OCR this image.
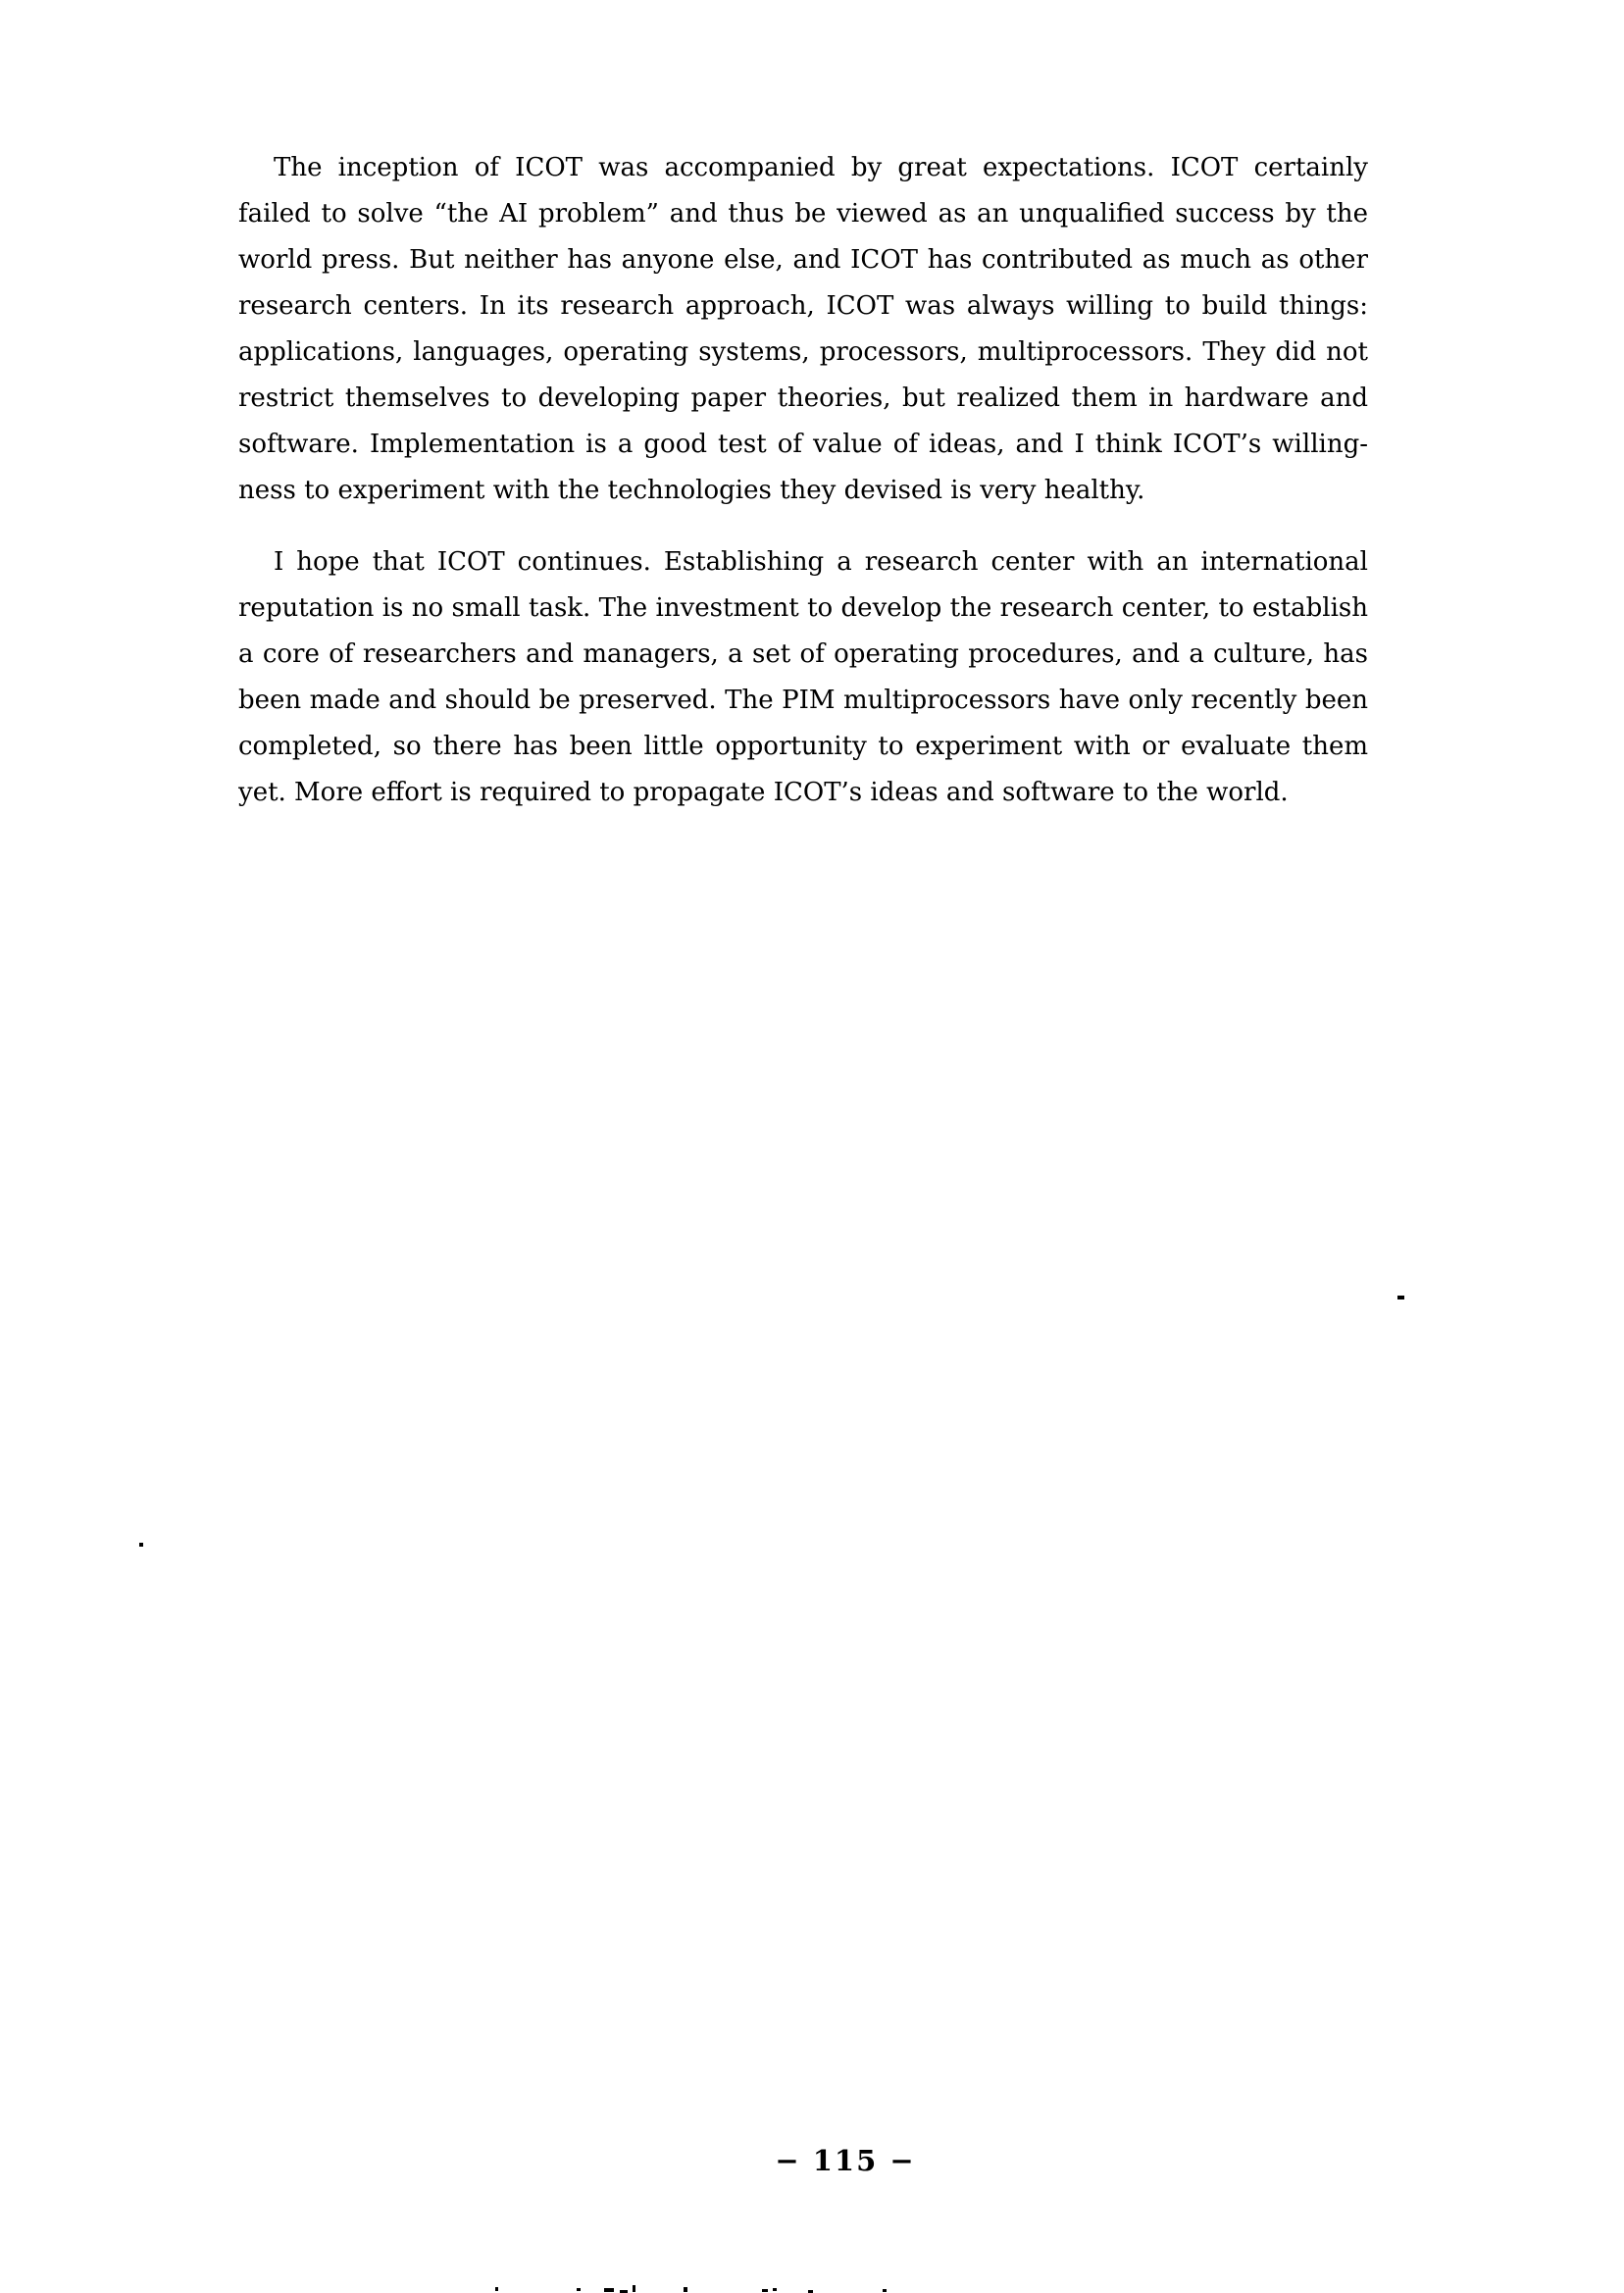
The inception of ICOT was accompanied by great expectations. ICOT certainly
failed to solve “the AI problem” and thus be viewed as an unqualified success by the
world press. But neither has anyone else, and ICOT has contributed as much as other
research centers. In its research approach, ICOT was always willing to build things:
applications, languages, operating systems, processors, multiprocessors. They did not
restrict themselves to developing paper theories, but realized them in hardware and
software. Implementation is a good test of value of ideas, and I think ICOT’s willing-
ness to experiment with the technologies they devised is very healthy.
I hope that ICOT continues. Establishing a research center with an international
reputation is no small task. The investment to develop the research center, to establish
a core of researchers and managers, a set of operating procedures, and a culture, has
been made and should be preserved. The PIM multiprocessors have only recently been
completed, so there has been little opportunity to experiment with or evaluate them
yet. More effort is required to propagate ICOT’s ideas and software to the world.
− 115 −
